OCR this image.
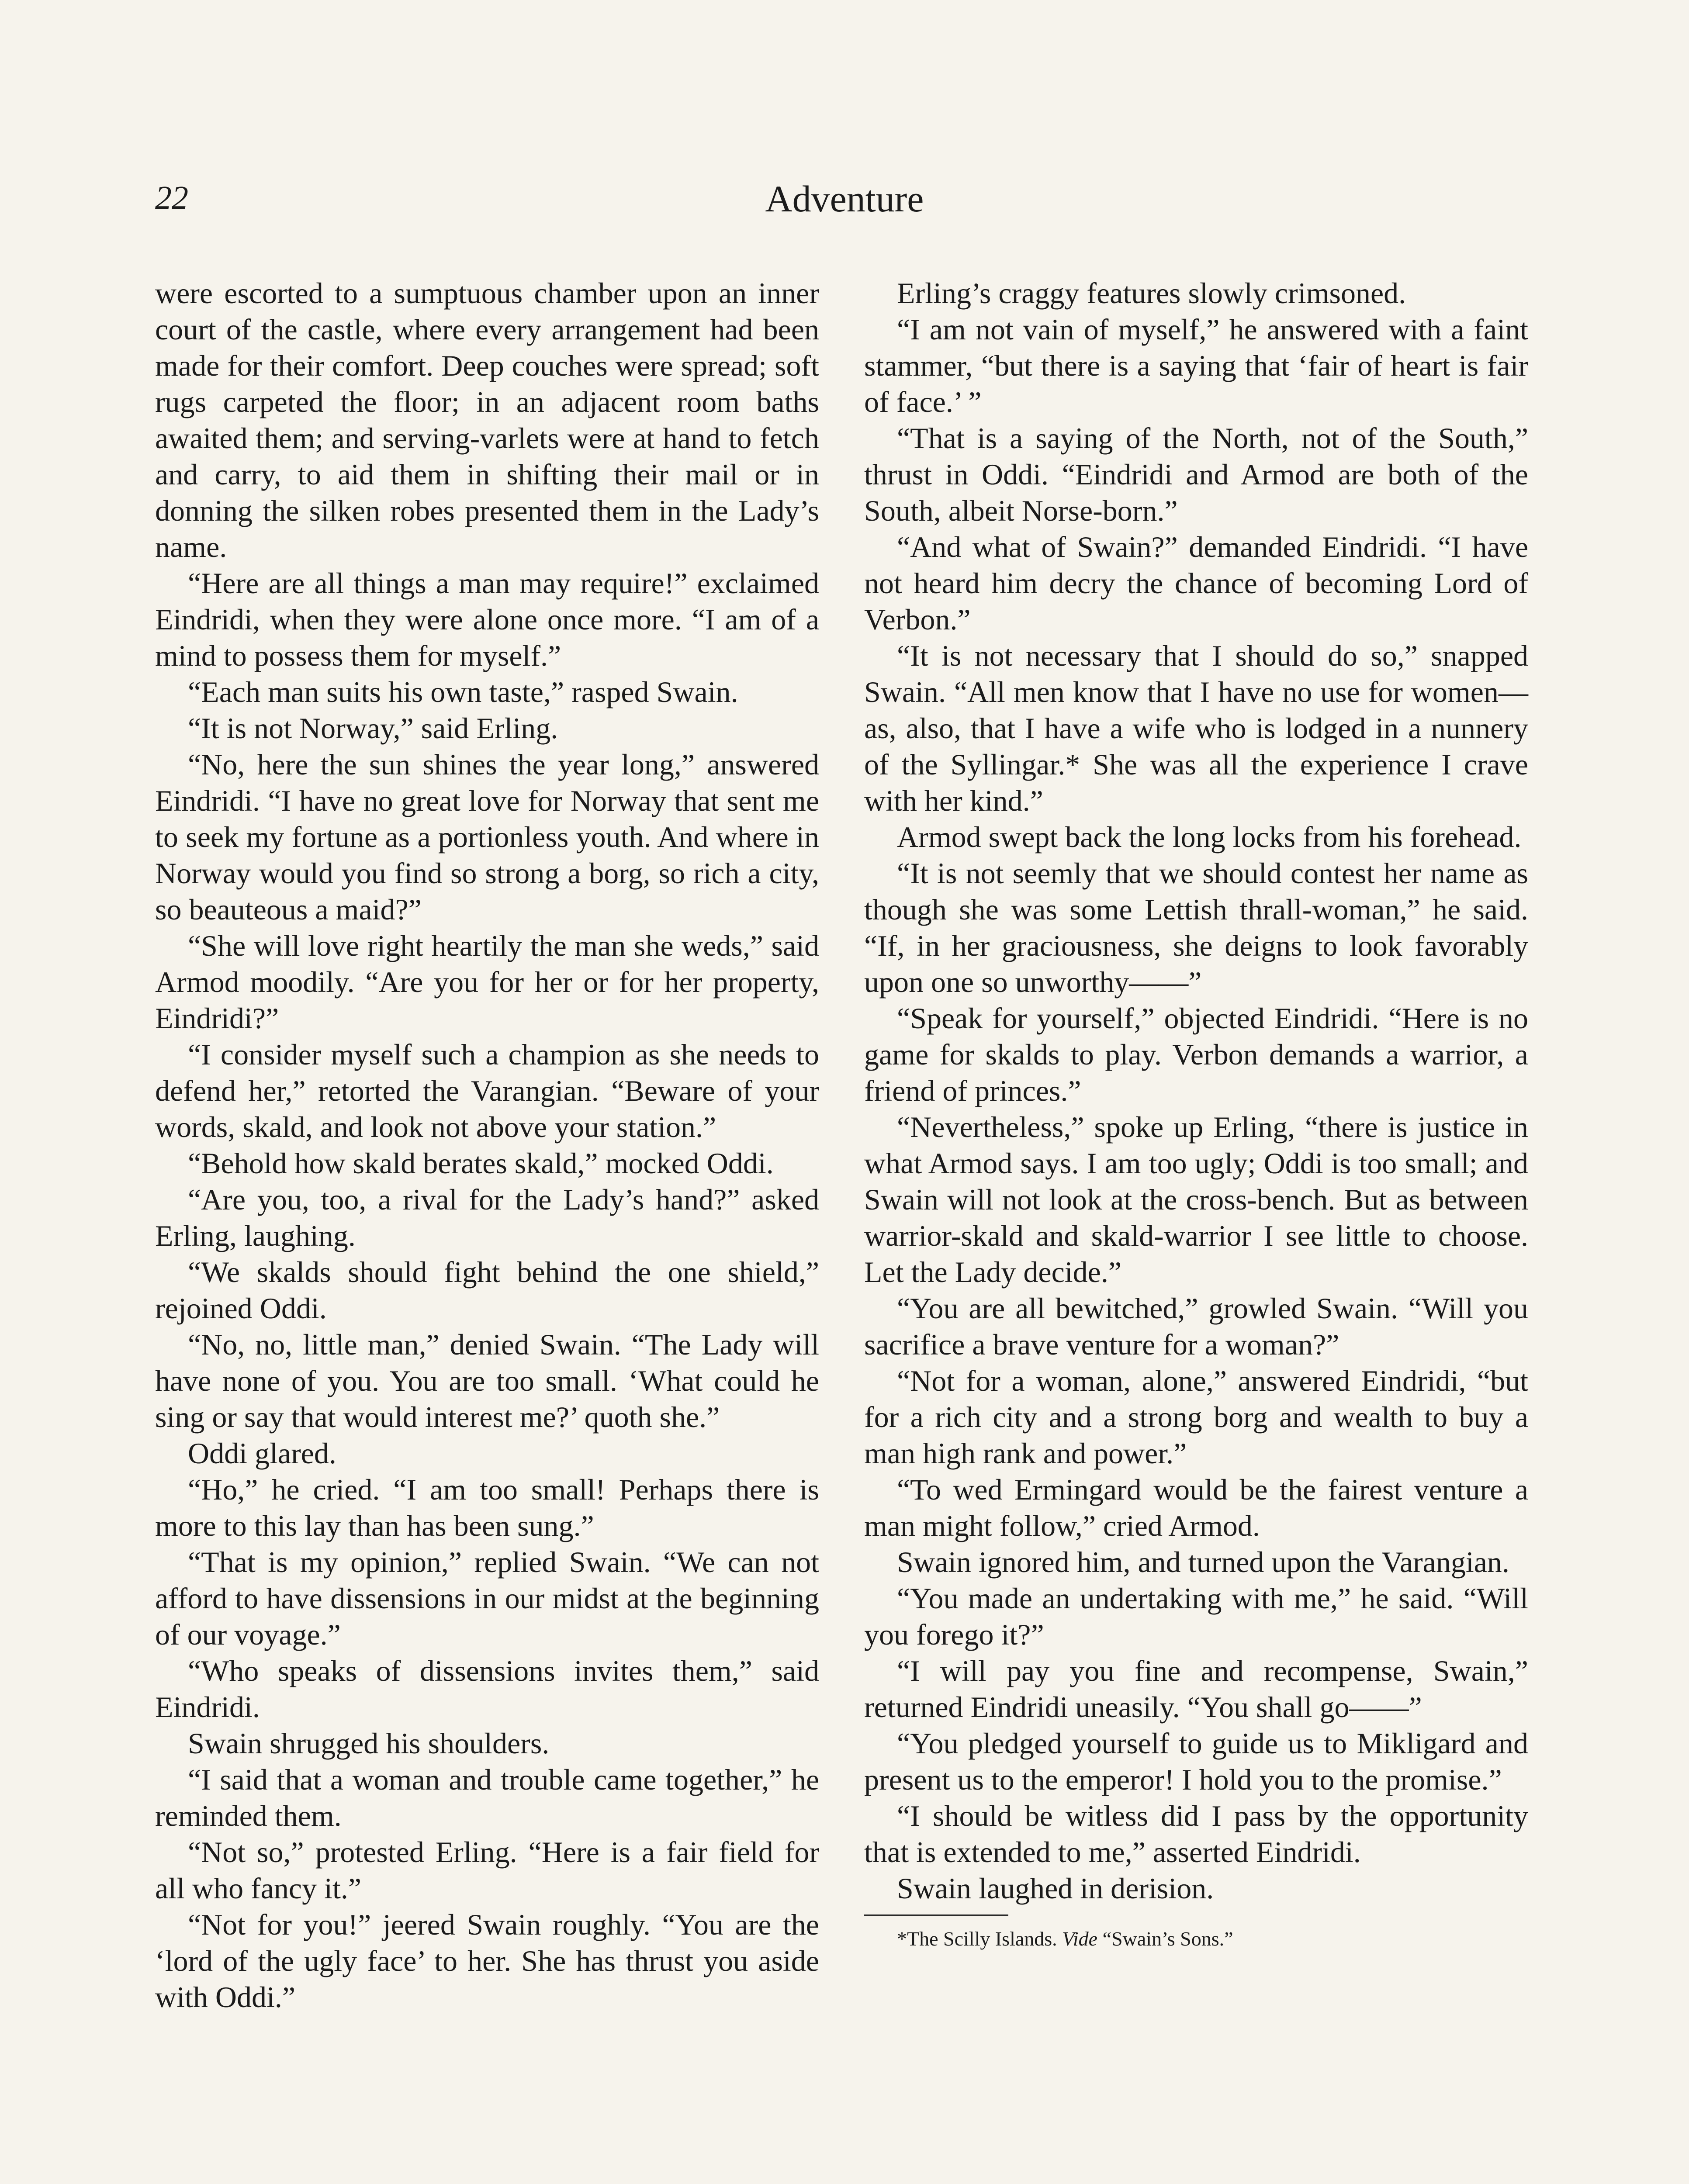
22	Adventure

were escorted to a sumptuous chamber upon an inner court of the castle, where every arrangement had been made for their comfort. Deep couches were spread; soft rugs carpeted the floor; in an adjacent room baths awaited them; and serving-varlets were at hand to fetch and carry, to aid them in shifting their mail or in donning the silken robes presented them in the Lady’s name.

“Here are all things a man may require!” exclaimed Eindridi, when they were alone once more. “I am of a mind to possess them for myself.”

“Each man suits his own taste,” rasped Swain.

“It is not Norway,” said Erling.

“No, here the sun shines the year long,” answered Eindridi. “I have no great love for Norway that sent me to seek my fortune as a portionless youth. And where in Norway would you find so strong a borg, so rich a city, so beauteous a maid?”

“She will love right heartily the man she weds,” said Armod moodily. “Are you for her or for her property, Eindridi?”

“I consider myself such a champion as she needs to defend her,” retorted the Varangian. “Beware of your words, skald, and look not above your station.”

“Behold how skald berates skald,” mocked Oddi.

“Are you, too, a rival for the Lady’s hand?” asked Erling, laughing.

“We skalds should fight behind the one shield,” rejoined Oddi.

“No, no, little man,” denied Swain. “The Lady will have none of you. You are too small. ‘What could he sing or say that would interest me?’ quoth she.”

Oddi glared.

“Ho,” he cried. “I am too small! Perhaps there is more to this lay than has been sung.”

“That is my opinion,” replied Swain. “We can not afford to have dissensions in our midst at the beginning of our voyage.”

“Who speaks of dissensions invites them,” said Eindridi.

Swain shrugged his shoulders.

“I said that a woman and trouble came together,” he reminded them.

“Not so,” protested Erling. “Here is a fair field for all who fancy it.”

“Not for you!” jeered Swain roughly. “You are the ‘lord of the ugly face’ to her. She has thrust you aside with Oddi.”

Erling’s craggy features slowly crimsoned.

“I am not vain of myself,” he answered with a faint stammer, “but there is a saying that ‘fair of heart is fair of face.’ ”

“That is a saying of the North, not of the South,” thrust in Oddi. “Eindridi and Armod are both of the South, albeit Norse-born.”

“And what of Swain?” demanded Eindridi. “I have not heard him decry the chance of becoming Lord of Verbon.”

“It is not necessary that I should do so,” snapped Swain. “All men know that I have no use for women—as, also, that I have a wife who is lodged in a nunnery of the Syllingar.* She was all the experience I crave with her kind.”

Armod swept back the long locks from his forehead.

“It is not seemly that we should contest her name as though she was some Lettish thrall-woman,” he said. “If, in her graciousness, she deigns to look favorably upon one so unworthy——”

“Speak for yourself,” objected Eindridi. “Here is no game for skalds to play. Verbon demands a warrior, a friend of princes.”

“Nevertheless,” spoke up Erling, “there is justice in what Armod says. I am too ugly; Oddi is too small; and Swain will not look at the cross-bench. But as between warrior-skald and skald-warrior I see little to choose. Let the Lady decide.”

“You are all bewitched,” growled Swain. “Will you sacrifice a brave venture for a woman?”

“Not for a woman, alone,” answered Eindridi, “but for a rich city and a strong borg and wealth to buy a man high rank and power.”

“To wed Ermingard would be the fairest venture a man might follow,” cried Armod.

Swain ignored him, and turned upon the Varangian.

“You made an undertaking with me,” he said. “Will you forego it?”

“I will pay you fine and recompense, Swain,” returned Eindridi uneasily. “You shall go——”

“You pledged yourself to guide us to Mikligard and present us to the emperor! I hold you to the promise.”

“I should be witless did I pass by the opportunity that is extended to me,” asserted Eindridi.

Swain laughed in derision.

*The Scilly Islands. Vide “Swain’s Sons.”
